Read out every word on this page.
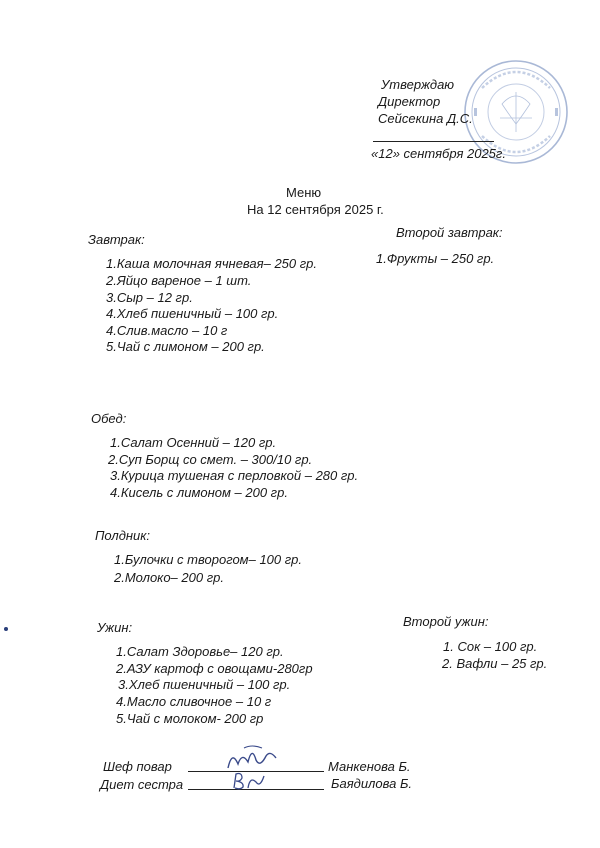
Утверждаю
Директор
Сейсекина Д.С.
«12» сентября 2025г.
Меню
На 12 сентября 2025 г.
Завтрак:
1.Каша молочная ячневая– 250 гр.
2.Яйцо вареное – 1 шт.
3.Сыр – 12 гр.
4.Хлеб пшеничный – 100 гр.
4.Слив.масло – 10 г
5.Чай с лимоном – 200 гр.
Второй завтрак:
1.Фрукты – 250 гр.
Обед:
1.Салат Осенний – 120 гр.
2.Суп Борщ со смет. – 300/10 гр.
3.Курица тушеная с перловкой – 280 гр.
4.Кисель с лимоном – 200 гр.
Полдник:
1.Булочки с творогом– 100 гр.
2.Молоко– 200 гр.
Ужин:
1.Салат Здоровье– 120 гр.
2.АЗУ картоф с овощами-280гр
3.Хлеб пшеничный – 100 гр.
4.Масло сливочное – 10 г
5.Чай с молоком- 200 гр
Второй ужин:
1. Сок – 100 гр.
2. Вафли – 25 гр.
Шеф повар	Манкенова Б.
Диет сестра	Баядилова Б.
